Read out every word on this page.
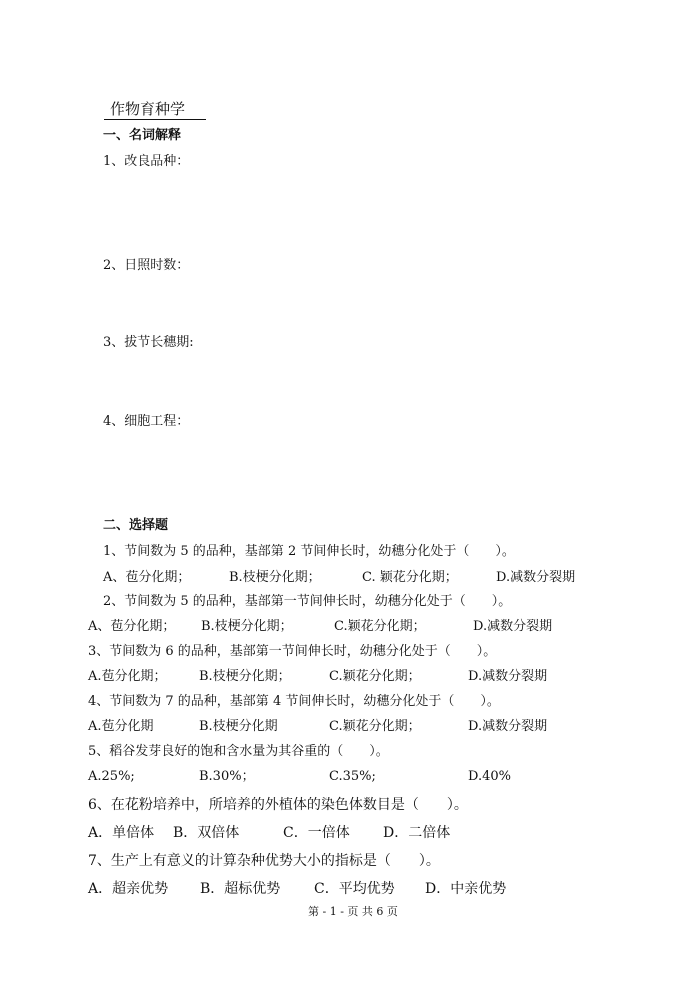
作物育种学
一、名词解释
1、改良品种：
2、日照时数：
3、拔节长穗期:
4、细胞工程：
二、选择题
1、节间数为 5 的品种，基部第 2 节间伸长时，幼穗分化处于（　　）。
A、苞分化期；	B.枝梗分化期；	C. 颖花分化期；	D.减数分裂期
2、节间数为 5 的品种，基部第一节间伸长时，幼穗分化处于（　　）。
A、苞分化期； B.枝梗分化期；	C.颖花分化期；	D.减数分裂期
3、节间数为 6 的品种，基部第一节间伸长时，幼穗分化处于（　　）。
A.苞分化期； B.枝梗分化期；	C.颖花分化期；	D.减数分裂期
4、节间数为 7 的品种，基部第 4 节间伸长时，幼穗分化处于（　　）。
A.苞分化期	B.枝梗分化期	C.颖花分化期；	D.减数分裂期
5、稻谷发芽良好的饱和含水量为其谷重的（　　）。
A.25%;	B.30%；	C.35%;	D.40%
6、在花粉培养中，所培养的外植体的染色体数目是（　　）。
A．单倍体 B．双倍体	C．一倍体 D．二倍体
7、生产上有意义的计算杂种优势大小的指标是（　　）。
A．超亲优势 B．超标优势 C．平均优势 D．中亲优势
第 - 1 - 页 共 6 页
